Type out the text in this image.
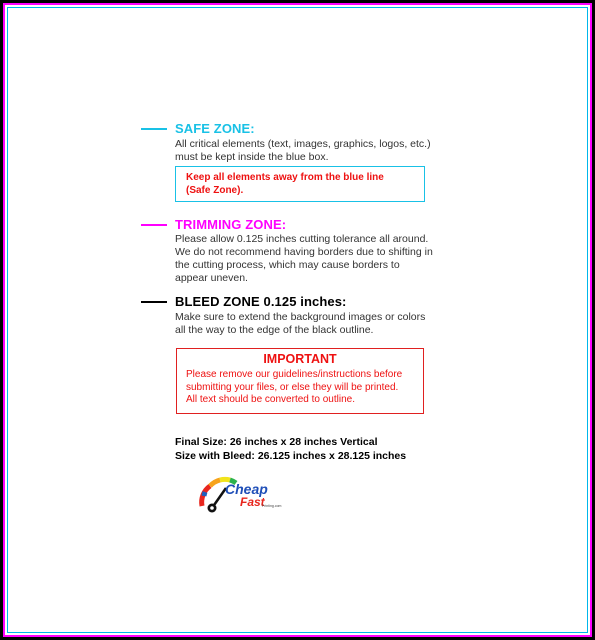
SAFE ZONE:
All critical elements (text, images, graphics, logos, etc.)
must be kept inside the blue box.
Keep all elements away from the blue line
(Safe Zone).
TRIMMING ZONE:
Please allow 0.125 inches cutting tolerance all around.
We do not recommend having borders due to shifting in
the cutting process, which may cause borders to
appear uneven.
BLEED ZONE 0.125 inches:
Make sure to extend the background images or colors
all the way to the edge of the black outline.
IMPORTANT
Please remove our guidelines/instructions before
submitting your files, or else they will be printed.
All text should be converted to outline.
Final Size: 26 inches x 28 inches Vertical
Size with Bleed: 26.125 inches x 28.125 inches
Cheap
Fast
Printing.com
